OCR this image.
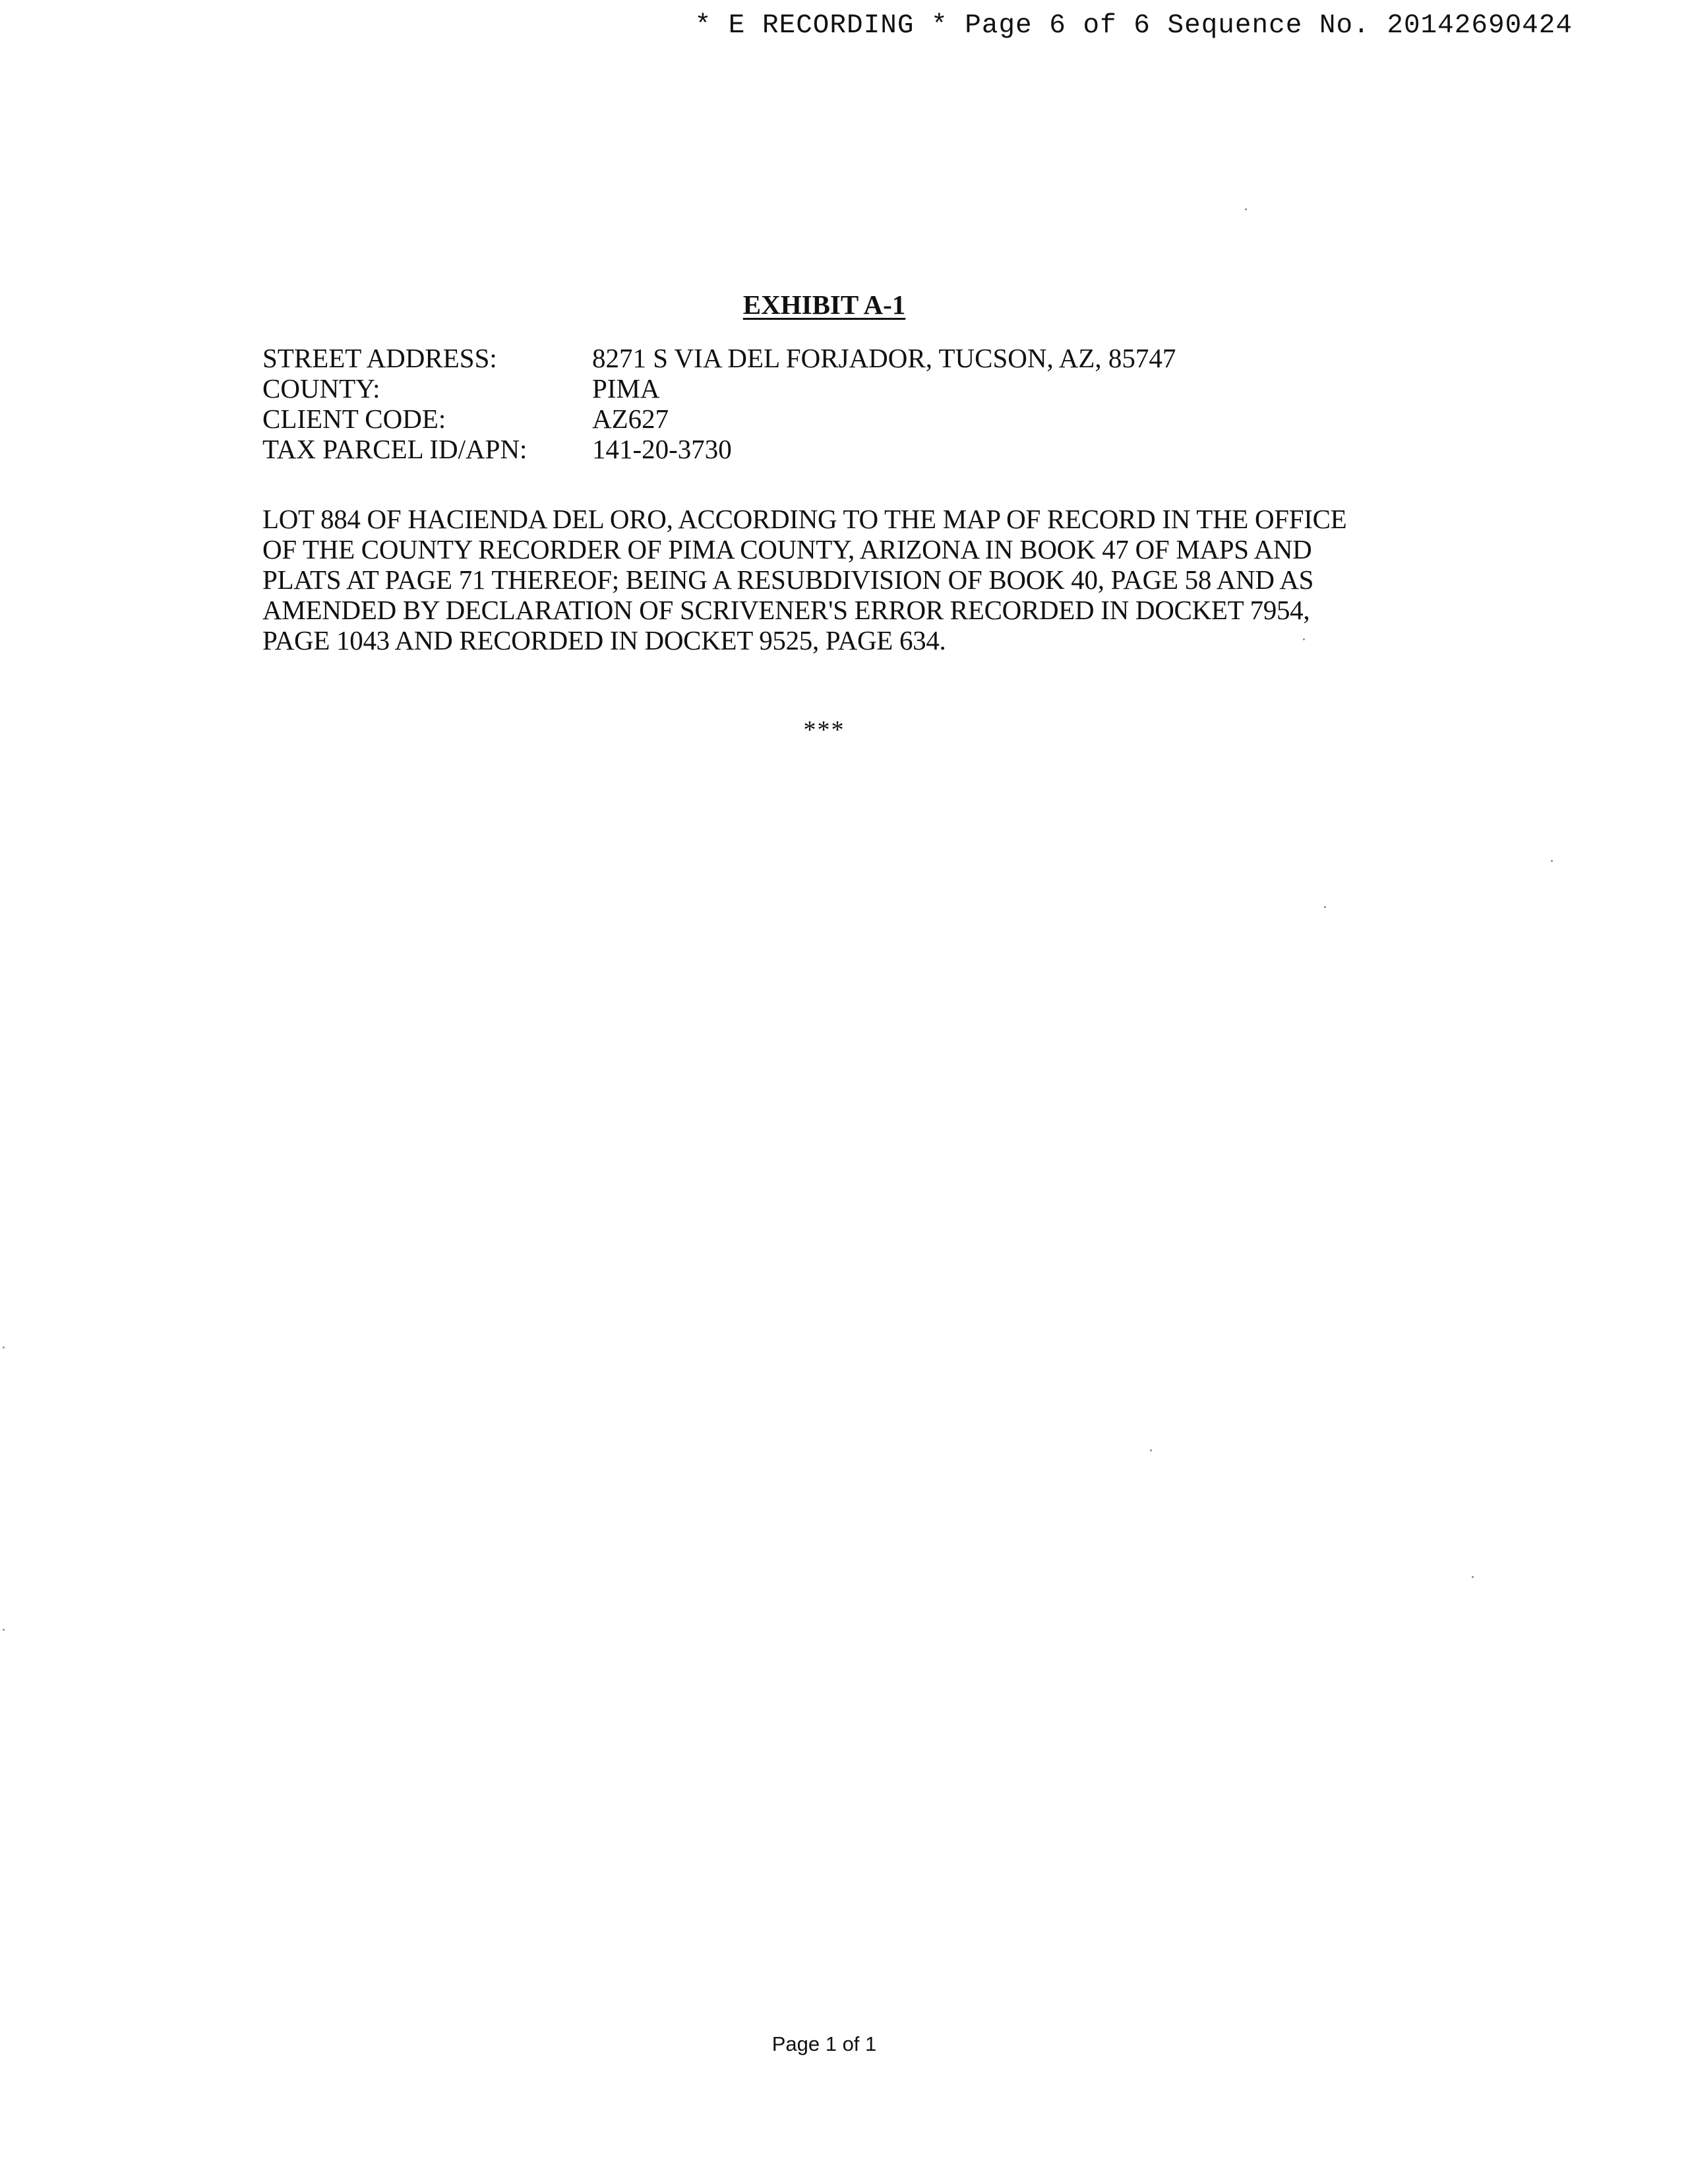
* E RECORDING * Page 6 of 6 Sequence No. 20142690424

EXHIBIT A-1
STREET ADDRESS:	8271 S VIA DEL FORJADOR, TUCSON, AZ, 85747
COUNTY:	PIMA
CLIENT CODE:	AZ627
TAX PARCEL ID/APN:	141-20-3730

LOT 884 OF HACIENDA DEL ORO, ACCORDING TO THE MAP OF RECORD IN THE OFFICE
OF THE COUNTY RECORDER OF PIMA COUNTY, ARIZONA IN BOOK 47 OF MAPS AND
PLATS AT PAGE 71 THEREOF; BEING A RESUBDIVISION OF BOOK 40, PAGE 58 AND AS
AMENDED BY DECLARATION OF SCRIVENER'S ERROR RECORDED IN DOCKET 7954,
PAGE 1043 AND RECORDED IN DOCKET 9525, PAGE 634.

***

Page 1 of 1
